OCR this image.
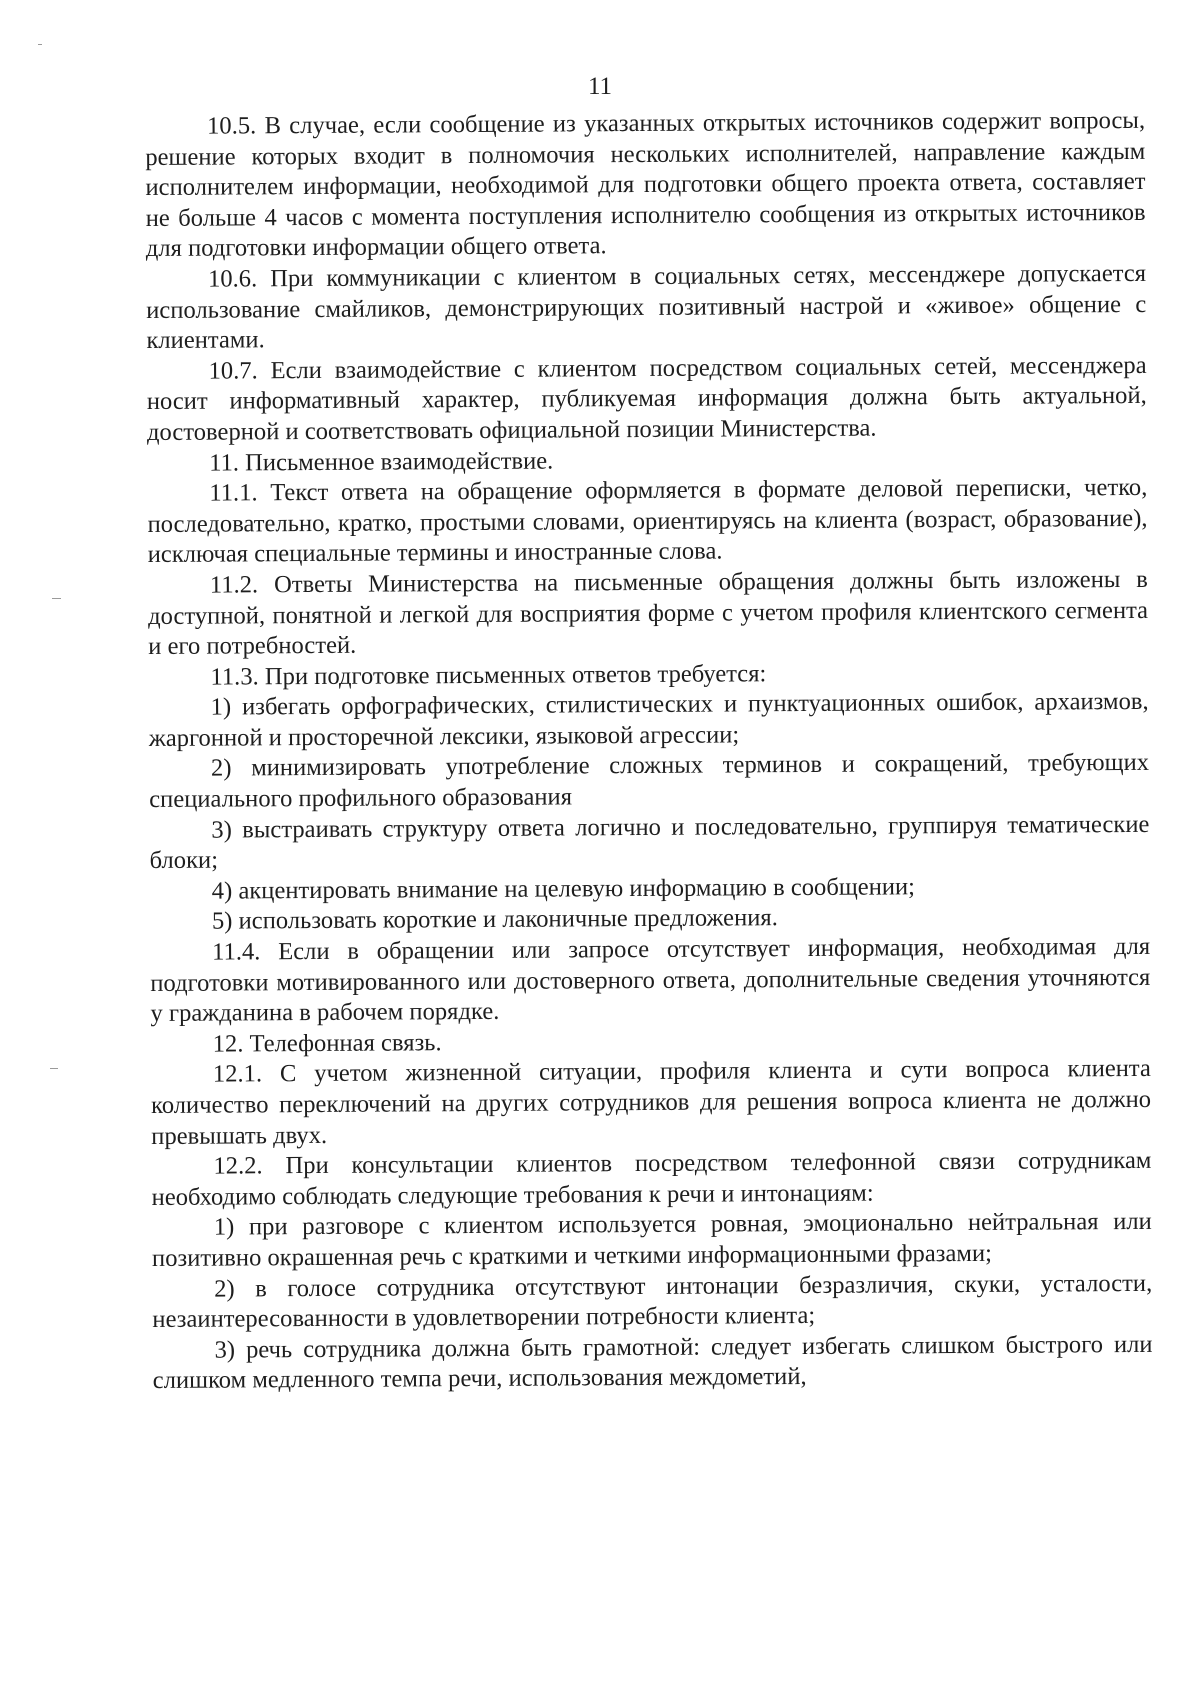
11

10.5. В случае, если сообщение из указанных открытых источников содержит вопросы, решение которых входит в полномочия нескольких исполнителей, направление каждым исполнителем информации, необходимой для подготовки общего проекта ответа, составляет не больше 4 часов с момента поступления исполнителю сообщения из открытых источников для подготовки информации общего ответа.

10.6. При коммуникации с клиентом в социальных сетях, мессенджере допускается использование смайликов, демонстрирующих позитивный настрой и «живое» общение с клиентами.

10.7. Если взаимодействие с клиентом посредством социальных сетей, мессенджера носит информативный характер, публикуемая информация должна быть актуальной, достоверной и соответствовать официальной позиции Министерства.

11. Письменное взаимодействие.

11.1. Текст ответа на обращение оформляется в формате деловой переписки, четко, последовательно, кратко, простыми словами, ориентируясь на клиента (возраст, образование), исключая специальные термины и иностранные слова.

11.2. Ответы Министерства на письменные обращения должны быть изложены в доступной, понятной и легкой для восприятия форме с учетом профиля клиентского сегмента и его потребностей.

11.3. При подготовке письменных ответов требуется:

1) избегать орфографических, стилистических и пунктуационных ошибок, архаизмов, жаргонной и просторечной лексики, языковой агрессии;

2) минимизировать употребление сложных терминов и сокращений, требующих специального профильного образования

3) выстраивать структуру ответа логично и последовательно, группируя тематические блоки;

4) акцентировать внимание на целевую информацию в сообщении;

5) использовать короткие и лаконичные предложения.

11.4. Если в обращении или запросе отсутствует информация, необходимая для подготовки мотивированного или достоверного ответа, дополнительные сведения уточняются у гражданина в рабочем порядке.

12. Телефонная связь.

12.1. С учетом жизненной ситуации, профиля клиента и сути вопроса клиента количество переключений на других сотрудников для решения вопроса клиента не должно превышать двух.

12.2. При консультации клиентов посредством телефонной связи сотрудникам необходимо соблюдать следующие требования к речи и интонациям:

1) при разговоре с клиентом используется ровная, эмоционально нейтральная или позитивно окрашенная речь с краткими и четкими информационными фразами;

2) в голосе сотрудника отсутствуют интонации безразличия, скуки, усталости, незаинтересованности в удовлетворении потребности клиента;

3) речь сотрудника должна быть грамотной: следует избегать слишком быстрого или слишком медленного темпа речи, использования междометий,
